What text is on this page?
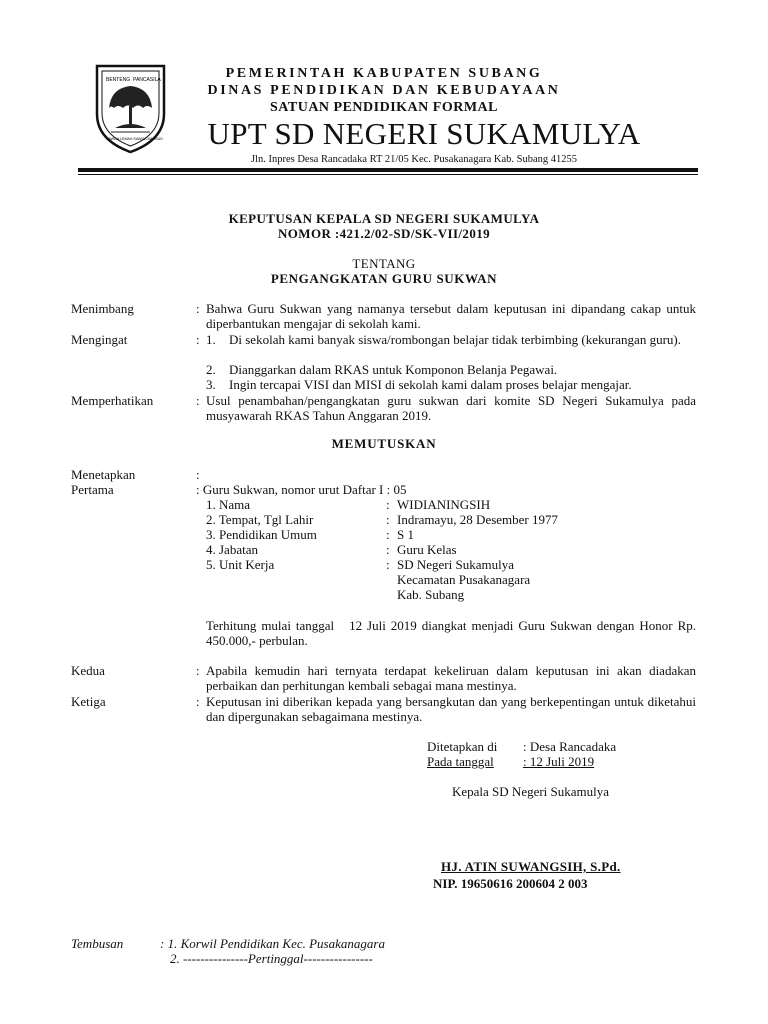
BENTENG PANCASILA
SAWIJA LEMAH SAWIJA MAKSUD
PEMERINTAH KABUPATEN SUBANG
DINAS PENDIDIKAN DAN KEBUDAYAAN
SATUAN PENDIDIKAN FORMAL
UPT SD NEGERI SUKAMULYA
Jln. Inpres Desa Rancadaka RT 21/05 Kec. Pusakanagara Kab. Subang 41255
KEPUTUSAN KEPALA SD NEGERI SUKAMULYA
NOMOR :421.2/02-SD/SK-VII/2019
TENTANG
PENGANGKATAN GURU SUKWAN
Menimbang	: Bahwa Guru Sukwan yang namanya tersebut dalam keputusan ini dipandang cakap untuk diperbantukan mengajar di sekolah kami.
Mengingat	: 1. Di sekolah kami banyak siswa/rombongan belajar tidak terbimbing (kekurangan guru).
2. Dianggarkan dalam RKAS untuk Komponon Belanja Pegawai.
3. Ingin tercapai VISI dan MISI di sekolah kami dalam proses belajar mengajar.
Memperhatikan	: Usul penambahan/pengangkatan guru sukwan dari komite SD Negeri Sukamulya pada musyawarah RKAS Tahun Anggaran 2019.
MEMUTUSKAN
Menetapkan	:
Pertama	: Guru Sukwan, nomor urut Daftar I : 05
1. Nama	: WIDIANINGSIH
2. Tempat, Tgl Lahir	: Indramayu, 28 Desember 1977
3. Pendidikan Umum	: S 1
4. Jabatan	: Guru Kelas
5. Unit Kerja	: SD Negeri Sukamulya
Kecamatan Pusakanagara
Kab. Subang
Terhitung mulai tanggal   12 Juli 2019 diangkat menjadi Guru Sukwan dengan Honor Rp. 450.000,- perbulan.
Kedua	: Apabila kemudin hari ternyata terdapat kekeliruan dalam keputusan ini akan diadakan perbaikan dan perhitungan kembali sebagai mana mestinya.
Ketiga	: Keputusan ini diberikan kepada yang bersangkutan dan yang berkepentingan untuk diketahui dan dipergunakan sebagaimana mestinya.
Ditetapkan di : Desa Rancadaka
Pada tanggal	: 12 Juli 2019
Kepala SD Negeri Sukamulya
HJ. ATIN SUWANGSIH, S.Pd.
NIP. 19650616 200604 2 003
Tembusan	: 1. Korwil Pendidikan Kec. Pusakanagara
2. ---------------Pertinggal----------------
